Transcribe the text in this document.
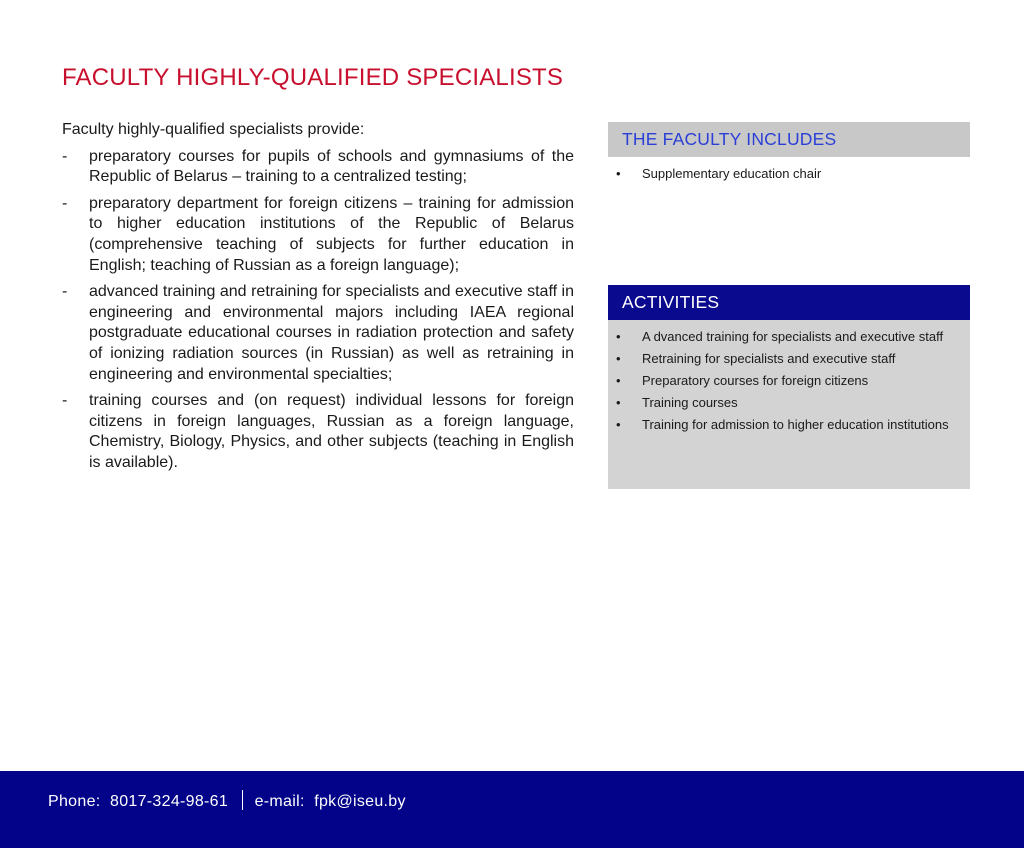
FACULTY HIGHLY-QUALIFIED SPECIALISTS

Faculty highly-qualified specialists provide:

- preparatory courses for pupils of schools and gymnasiums of the Republic of Belarus – training to a centralized testing;
- preparatory department for foreign citizens – training for admission to higher education institutions of the Republic of Belarus (comprehensive teaching of subjects for further education in English; teaching of Russian as a foreign language);
- advanced training and retraining for specialists and executive staff in engineering and environmental majors including IAEA regional postgraduate educational courses in radiation protection and safety of ionizing radiation sources (in Russian) as well as retraining in engineering and environmental specialties;
- training courses and (on request) individual lessons for foreign citizens in foreign languages, Russian as a foreign language, Chemistry, Biology, Physics, and other subjects (teaching in English is available).
THE FACULTY INCLUDES
• Supplementary education chair
ACTIVITIES
• A dvanced training for specialists and executive staff
• Retraining for specialists and executive staff
• Preparatory courses for foreign citizens
• Training courses
• Training for admission to higher education institutions
Phone: 8017-324-98-61 e-mail: fpk@iseu.by
